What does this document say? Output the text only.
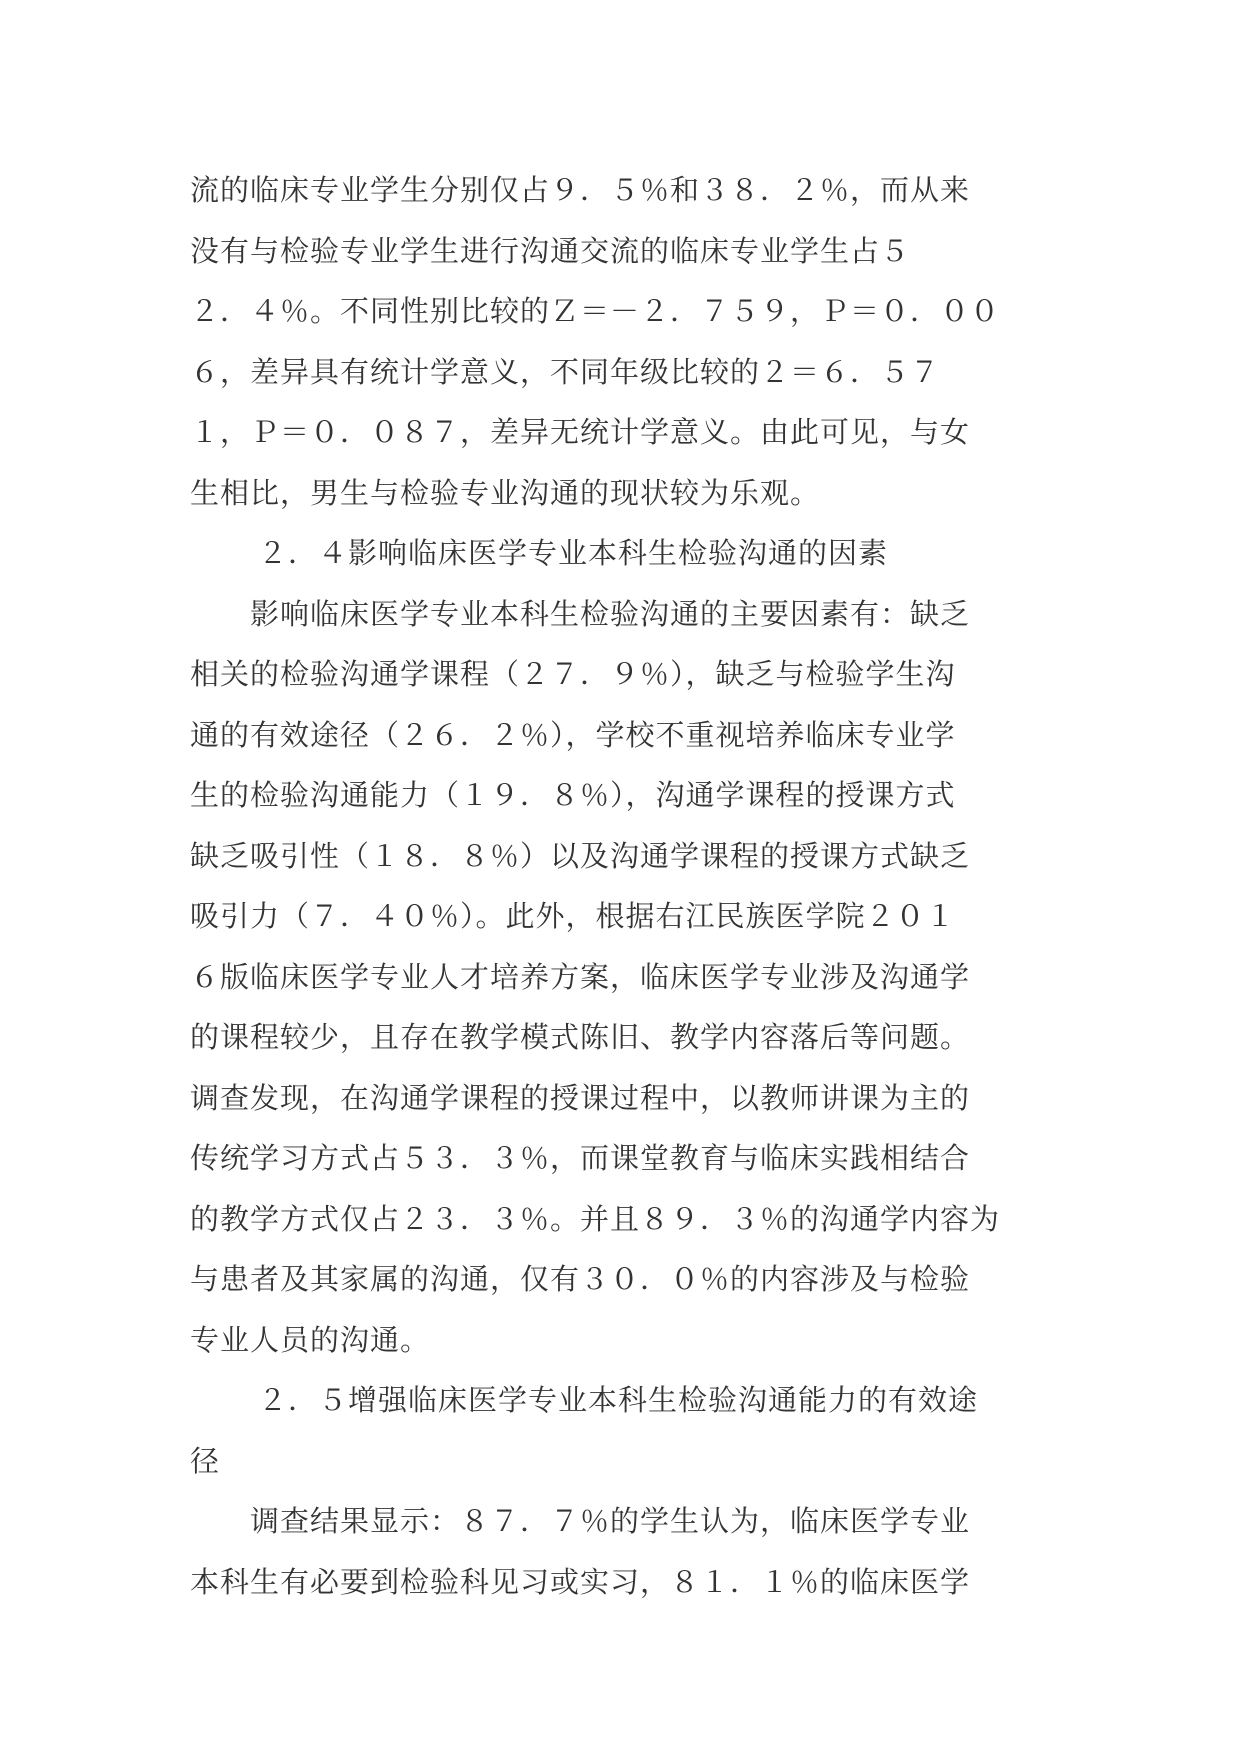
流的临床专业学生分别仅占９．５％和３８．２％，而从来
没有与检验专业学生进行沟通交流的临床专业学生占５
２．４％。不同性别比较的Ｚ＝－２．７５９，Ｐ＝０．００
６，差异具有统计学意义，不同年级比较的２＝６．５７
１，Ｐ＝０．０８７，差异无统计学意义。由此可见，与女
生相比，男生与检验专业沟通的现状较为乐观。
２．４影响临床医学专业本科生检验沟通的因素
影响临床医学专业本科生检验沟通的主要因素有：缺乏
相关的检验沟通学课程（２７．９％），缺乏与检验学生沟
通的有效途径（２６．２％），学校不重视培养临床专业学
生的检验沟通能力（１９．８％），沟通学课程的授课方式
缺乏吸引性（１８．８％）以及沟通学课程的授课方式缺乏
吸引力（７．４０％）。此外，根据右江民族医学院２０１
６版临床医学专业人才培养方案，临床医学专业涉及沟通学
的课程较少，且存在教学模式陈旧、教学内容落后等问题。
调查发现，在沟通学课程的授课过程中，以教师讲课为主的
传统学习方式占５３．３％，而课堂教育与临床实践相结合
的教学方式仅占２３．３％。并且８９．３％的沟通学内容为
与患者及其家属的沟通，仅有３０．０％的内容涉及与检验
专业人员的沟通。
２．５增强临床医学专业本科生检验沟通能力的有效途
径
调查结果显示：８７．７％的学生认为，临床医学专业
本科生有必要到检验科见习或实习，８１．１％的临床医学
